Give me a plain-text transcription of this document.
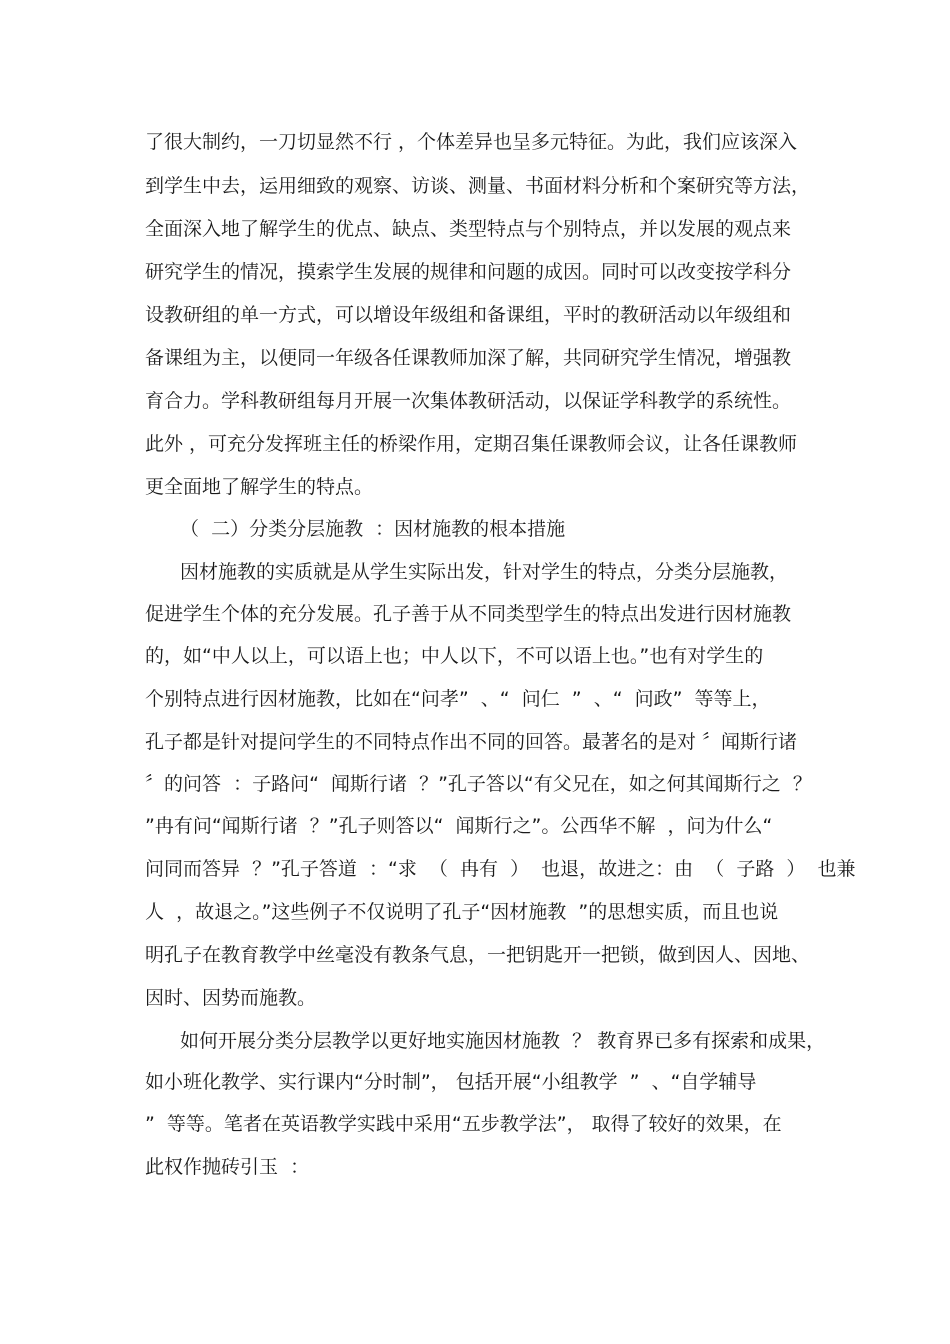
了很大制约，一刀切显然不行 ，个体差异也呈多元特征。为此，我们应该深入
到学生中去，运用细致的观察、访谈、测量、书面材料分析和个案研究等方法，
全面深入地了解学生的优点、缺点、类型特点与个别特点，并以发展的观点来
研究学生的情况，摸索学生发展的规律和问题的成因。同时可以改变按学科分
设教研组的单一方式，可以增设年级组和备课组，平时的教研活动以年级组和
备课组为主，以便同一年级各任课教师加深了解，共同研究学生情况，增强教
育合力。学科教研组每月开展一次集体教研活动，以保证学科教学的系统性。
此外 ，可充分发挥班主任的桥梁作用，定期召集任课教师会议，让各任课教师
更全面地了解学生的特点。
（  二）分类分层施教  ：因材施教的根本措施
因材施教的实质就是从学生实际出发，针对学生的特点，分类分层施教，
促进学生个体的充分发展。孔子善于从不同类型学生的特点出发进行因材施教
的，如“中人以上，可以语上也；中人以下，不可以语上也。”也有对学生的
个别特点进行因材施教，比如在“问孝”  、“  问仁  ”  、“  问政”  等等上，
孔子都是针对提问学生的不同特点作出不同的回答。最著名的是对 〞闻斯行诸
〞的问答  ：子路问“  闻斯行诸  ？”孔子答以“有父兄在，如之何其闻斯行之  ？
”冉有问“闻斯行诸  ？”孔子则答以“  闻斯行之”。公西华不解  ，问为什么“
问同而答异  ？”孔子答道  ：“求  （  冉有  ）  也退，故进之：由  （  子路  ）  也兼
人  ，故退之。”这些例子不仅说明了孔子“因材施教  ”的思想实质，而且也说
明孔子在教育教学中丝毫没有教条气息，一把钥匙开一把锁，做到因人、因地、
因时、因势而施教。
如何开展分类分层教学以更好地实施因材施教  ？ 教育界已多有探索和成果，
如小班化教学、实行课内“分时制”， 包括开展“小组教学  ”  、“自学辅导
”  等等。笔者在英语教学实践中采用“五步教学法”， 取得了较好的效果，在
此权作抛砖引玉  ：
